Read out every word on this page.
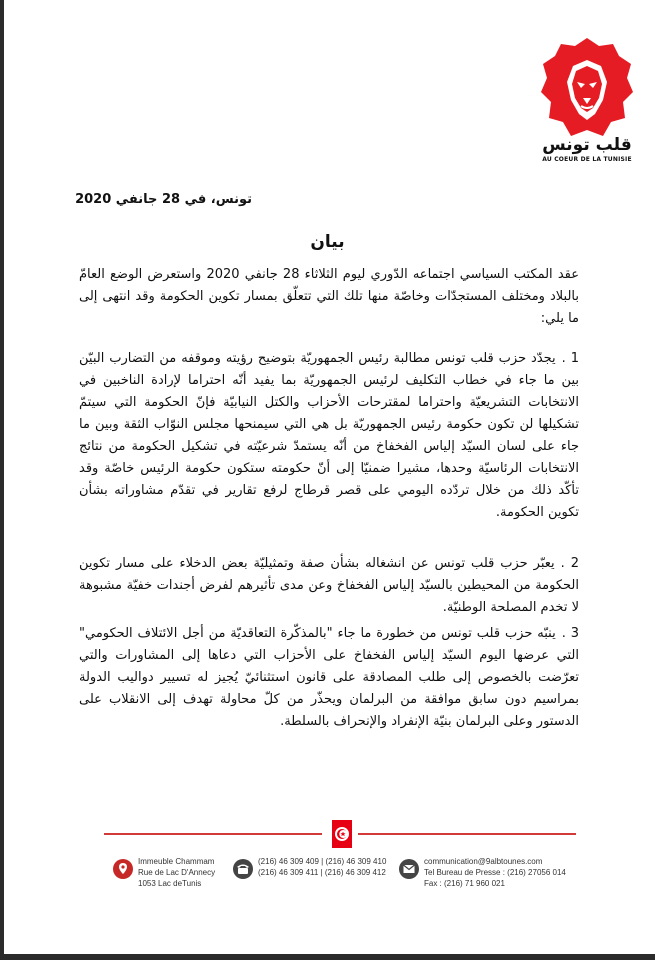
قلب تونس
AU COEUR DE LA TUNISIE
تونس، في 28 جانفي 2020
بيان

عقد المكتب السياسي اجتماعه الدّوري ليوم الثلاثاء 28 جانفي 2020 واستعرض الوضع العامّ بالبلاد ومختلف المستجدّات وخاصّة منها تلك التي تتعلّق بمسار تكوين الحكومة وقد انتهى إلى ما يلي:

1 .يجدّد حزب قلب تونس مطالبة رئيس الجمهوريّة بتوضيح رؤيته وموقفه من التضارب البيّن بين ما جاء في خطاب التكليف لرئيس الجمهوريّة بما يفيد أنّه احتراما لإرادة الناخبين في الانتخابات التشريعيّة واحتراما لمقترحات الأحزاب والكتل النيابيّة فإنّ الحكومة التي سيتمّ تشكيلها لن تكون حكومة رئيس الجمهوريّة بل هي التي سيمنحها مجلس النوّاب الثقة وبين ما جاء على لسان السيّد إلياس الفخفاخ من أنّه يستمدّ شرعيّته في تشكيل الحكومة من نتائج الانتخابات الرئاسيّة وحدها، مشيرا ضمنيّا إلى أنّ حكومته ستكون حكومة الرئيس خاصّة وقد تأكّد ذلك من خلال تردّده اليومي على قصر قرطاج لرفع تقارير في تقدّم مشاوراته بشأن تكوين الحكومة.

2 .يعبّر حزب قلب تونس عن انشغاله بشأن صفة وتمثيليّة بعض الدخلاء على مسار تكوين الحكومة من المحيطين بالسيّد إلياس الفخفاخ وعن مدى تأثيرهم لفرض أجندات خفيّة مشبوهة لا تخدم المصلحة الوطنيّة.

3 .ينبّه حزب قلب تونس من خطورة ما جاء "بالمذكّرة التعاقديّة من أجل الائتلاف الحكومي" التي عرضها اليوم السيّد إلياس الفخفاخ على الأحزاب التي دعاها إلى المشاورات والتي تعرّضت بالخصوص إلى طلب المصادقة على قانون استثنائيّ يُجيز له تسيير دواليب الدولة بمراسيم دون سابق موافقة من البرلمان ويحذّر من كلّ محاولة تهدف إلى الانقلاب على الدستور وعلى البرلمان بنيّة الإنفراد والإنحراف بالسلطة.

Immeuble Chammam
Rue de Lac D'Annecy
1053 Lac deTunis
(216) 46 309 409 | (216) 46 309 410
(216) 46 309 411 | (216) 46 309 412
communication@9albtounes.com
Tel Bureau de Presse : (216) 27056 014
Fax : (216) 71 960 021
